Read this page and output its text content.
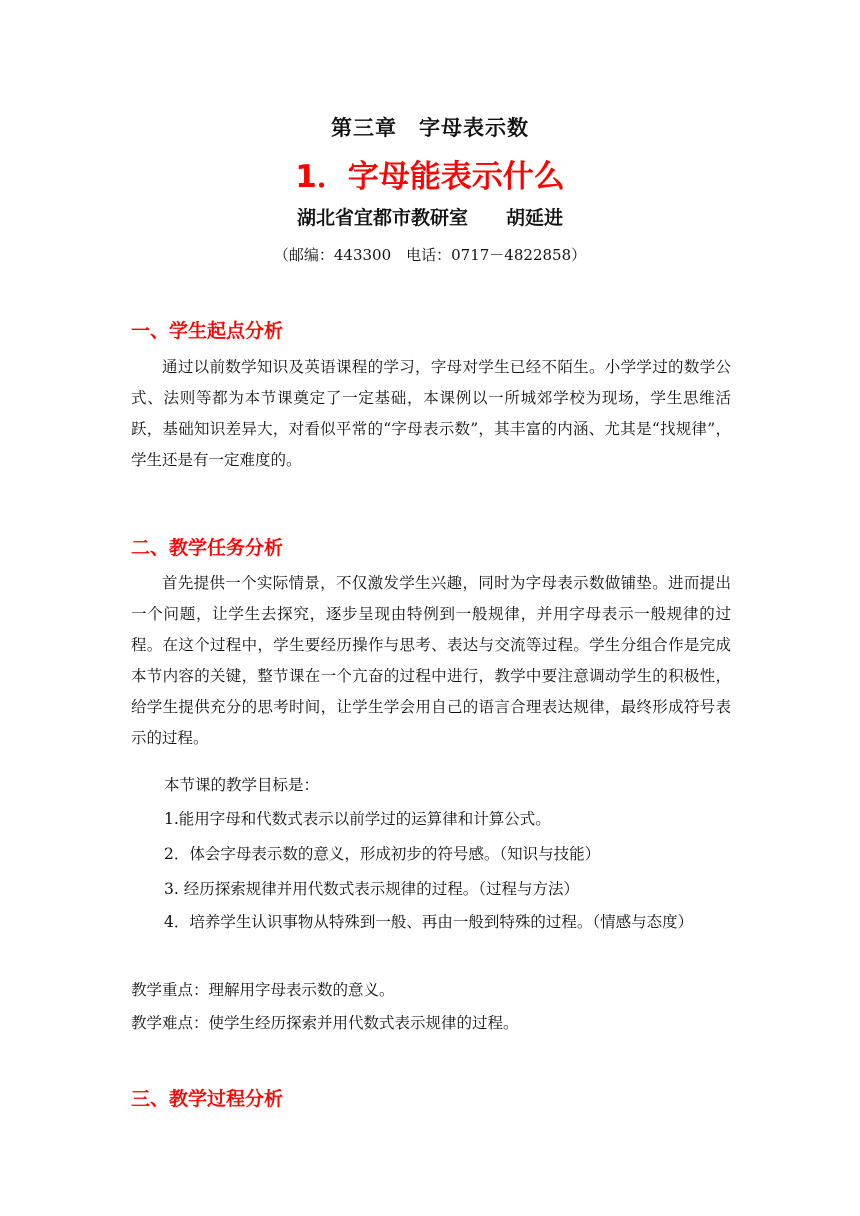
第三章　字母表示数
1．字母能表示什么
湖北省宜都市教研室　　胡延进
（邮编：443300　电话：0717－4822858）
一、学生起点分析
通过以前数学知识及英语课程的学习，字母对学生已经不陌生。小学学过的数学公式、法则等都为本节课奠定了一定基础，本课例以一所城郊学校为现场，学生思维活跃，基础知识差异大，对看似平常的“字母表示数”，其丰富的内涵、尤其是“找规律”，学生还是有一定难度的。
二、教学任务分析
首先提供一个实际情景，不仅激发学生兴趣，同时为字母表示数做铺垫。进而提出一个问题，让学生去探究，逐步呈现由特例到一般规律，并用字母表示一般规律的过程。在这个过程中，学生要经历操作与思考、表达与交流等过程。学生分组合作是完成本节内容的关键，整节课在一个亢奋的过程中进行，教学中要注意调动学生的积极性，给学生提供充分的思考时间，让学生学会用自己的语言合理表达规律，最终形成符号表示的过程。
本节课的教学目标是：
1.能用字母和代数式表示以前学过的运算律和计算公式。
2．体会字母表示数的意义，形成初步的符号感。（知识与技能）
3. 经历探索规律并用代数式表示规律的过程。（过程与方法）
4．培养学生认识事物从特殊到一般、再由一般到特殊的过程。（情感与态度）
教学重点：理解用字母表示数的意义。
教学难点：使学生经历探索并用代数式表示规律的过程。
三、教学过程分析
